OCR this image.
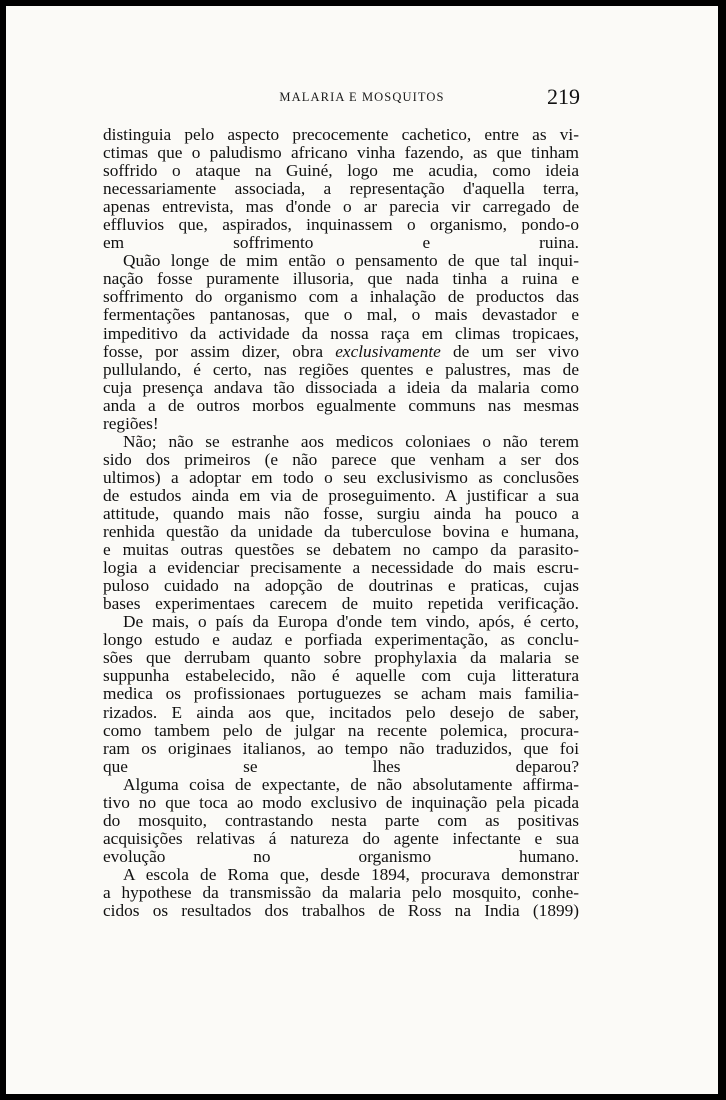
MALARIA E MOSQUITOS	219

distinguia pelo aspecto precocemente cachetico, entre as vi-
ctimas que o paludismo africano vinha fazendo, as que tinham
soffrido o ataque na Guiné, logo me acudia, como ideia
necessariamente associada, a representação d'aquella terra,
apenas entrevista, mas d'onde o ar parecia vir carregado de
effluvios que, aspirados, inquinassem o organismo, pondo-o
em soffrimento e ruina.

Quão longe de mim então o pensamento de que tal inqui-
nação fosse puramente illusoria, que nada tinha a ruina e
soffrimento do organismo com a inhalação de productos das
fermentações pantanosas, que o mal, o mais devastador e
impeditivo da actividade da nossa raça em climas tropicaes,
fosse, por assim dizer, obra exclusivamente de um ser vivo
pullulando, é certo, nas regiões quentes e palustres, mas de
cuja presença andava tão dissociada a ideia da malaria como
anda a de outros morbos egualmente communs nas mesmas
regiões!

Não; não se estranhe aos medicos coloniaes o não terem
sido dos primeiros (e não parece que venham a ser dos
ultimos) a adoptar em todo o seu exclusivismo as conclusões
de estudos ainda em via de proseguimento. A justificar a sua
attitude, quando mais não fosse, surgiu ainda ha pouco a
renhida questão da unidade da tuberculose bovina e humana,
e muitas outras questões se debatem no campo da parasito-
logia a evidenciar precisamente a necessidade do mais escru-
puloso cuidado na adopção de doutrinas e praticas, cujas
bases experimentaes carecem de muito repetida verificação.

De mais, o país da Europa d'onde tem vindo, após, é certo,
longo estudo e audaz e porfiada experimentação, as conclu-
sões que derrubam quanto sobre prophylaxia da malaria se
suppunha estabelecido, não é aquelle com cuja litteratura
medica os profissionaes portuguezes se acham mais familia-
rizados. E ainda aos que, incitados pelo desejo de saber,
como tambem pelo de julgar na recente polemica, procura-
ram os originaes italianos, ao tempo não traduzidos, que foi
que se lhes deparou?

Alguma coisa de expectante, de não absolutamente affirma-
tivo no que toca ao modo exclusivo de inquinação pela picada
do mosquito, contrastando nesta parte com as positivas
acquisições relativas á natureza do agente infectante e sua
evolução no organismo humano.

A escola de Roma que, desde 1894, procurava demonstrar
a hypothese da transmissão da malaria pelo mosquito, conhe-
cidos os resultados dos trabalhos de Ross na India (1899)
